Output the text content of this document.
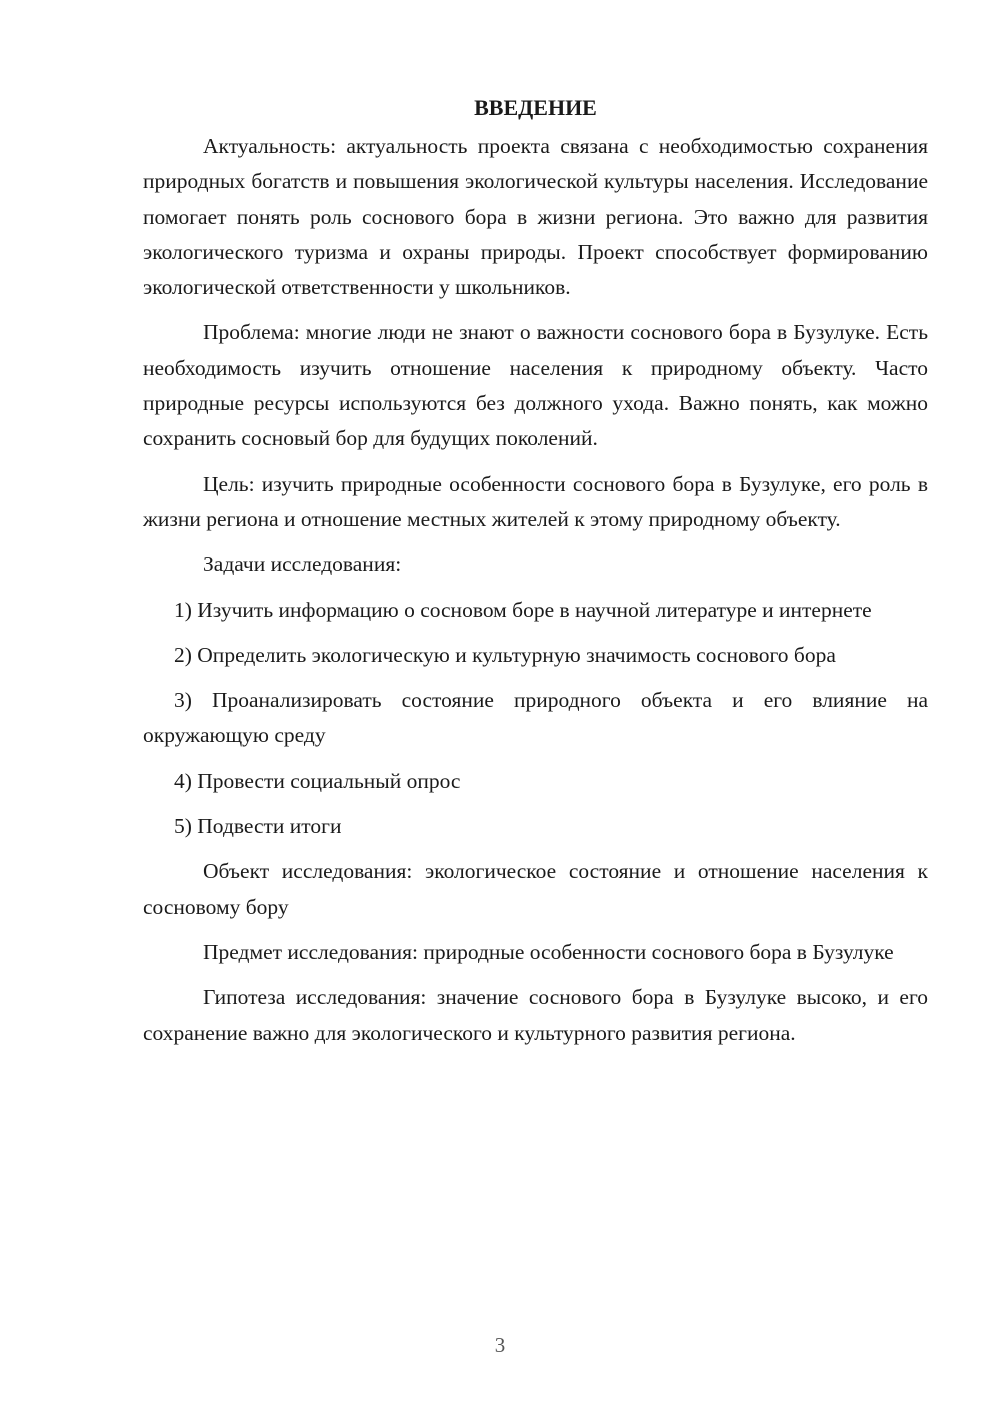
ВВЕДЕНИЕ

Актуальность: актуальность проекта связана с необходимостью сохранения природных богатств и повышения экологической культуры населения. Исследование помогает понять роль соснового бора в жизни региона. Это важно для развития экологического туризма и охраны природы. Проект способствует формированию экологической ответственности у школьников.

Проблема: многие люди не знают о важности соснового бора в Бузулуке. Есть необходимость изучить отношение населения к природному объекту. Часто природные ресурсы используются без должного ухода. Важно понять, как можно сохранить сосновый бор для будущих поколений.

Цель: изучить природные особенности соснового бора в Бузулуке, его роль в жизни региона и отношение местных жителей к этому природному объекту.

Задачи исследования:

1) Изучить информацию о сосновом боре в научной литературе и интернете

2) Определить экологическую и культурную значимость соснового бора

3) Проанализировать состояние природного объекта и его влияние на окружающую среду

4) Провести социальный опрос

5) Подвести итоги

Объект исследования: экологическое состояние и отношение населения к сосновому бору

Предмет исследования: природные особенности соснового бора в Бузулуке

Гипотеза исследования: значение соснового бора в Бузулуке высоко, и его сохранение важно для экологического и культурного развития региона.

3
